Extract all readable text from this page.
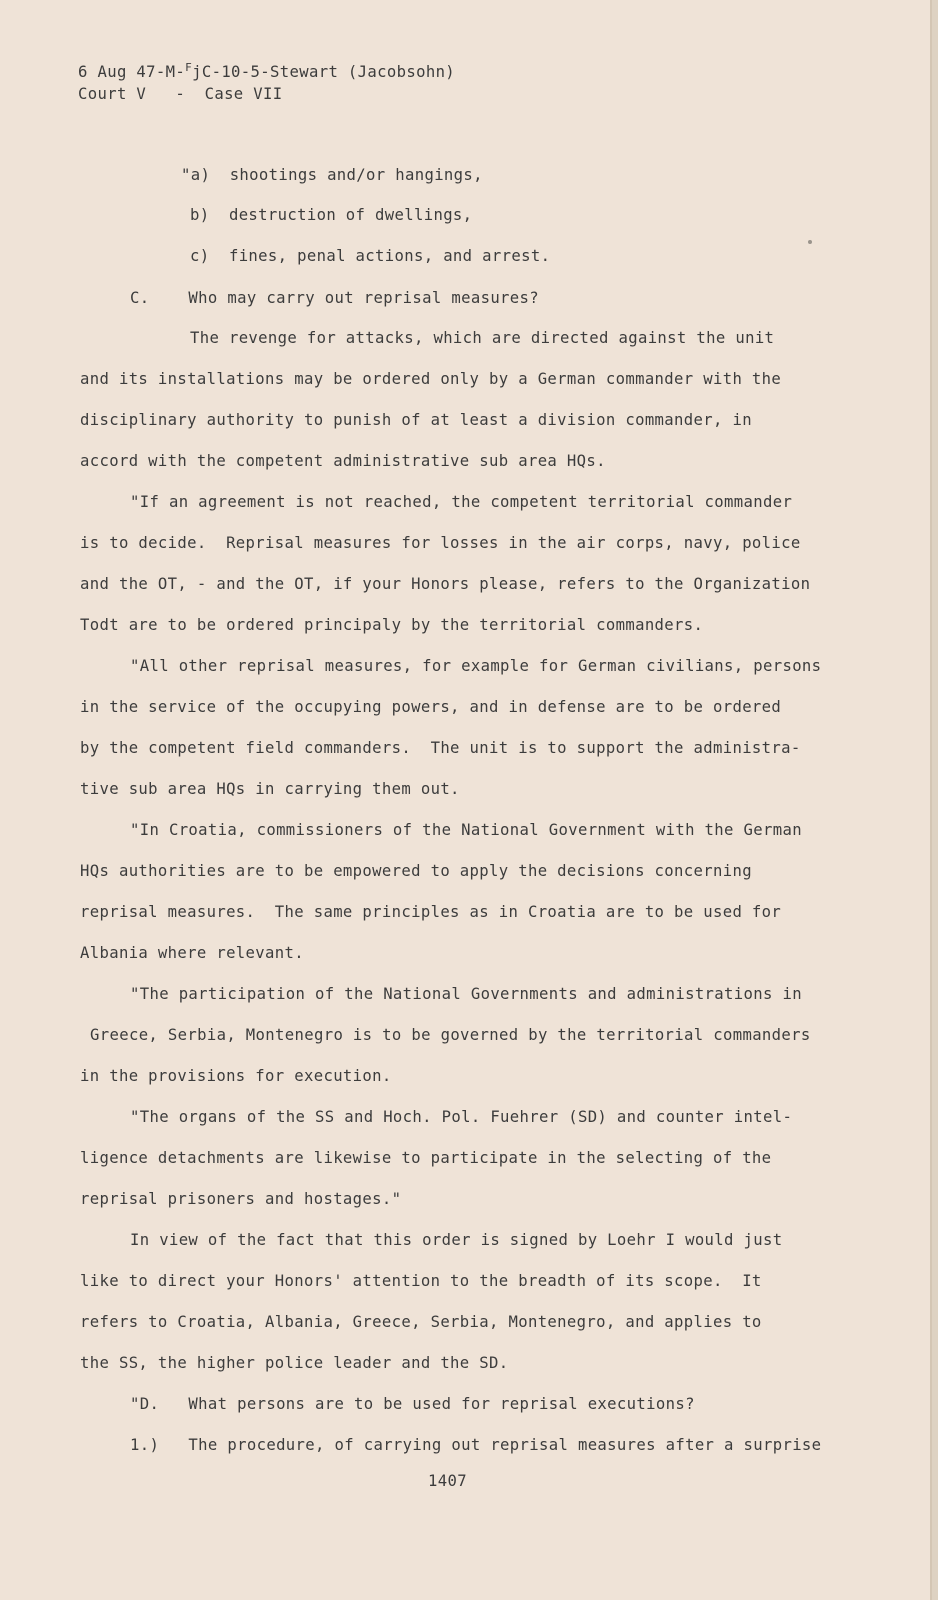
6 Aug 47-M-$^F$jC-10-5-Stewart (Jacobsohn)
Court V   -  Case VII
"a)  shootings and/or hangings,
b)  destruction of dwellings,
c)  fines, penal actions, and arrest.
C.    Who may carry out reprisal measures?
The revenge for attacks, which are directed against the unit
and its installations may be ordered only by a German commander with the
disciplinary authority to punish of at least a division commander, in
accord with the competent administrative sub area HQs.
"If an agreement is not reached, the competent territorial commander
is to decide.  Reprisal measures for losses in the air corps, navy, police
and the OT, - and the OT, if your Honors please, refers to the Organization
Todt are to be ordered principaly by the territorial commanders.
"All other reprisal measures, for example for German civilians, persons
in the service of the occupying powers, and in defense are to be ordered
by the competent field commanders.  The unit is to support the administra-
tive sub area HQs in carrying them out.
"In Croatia, commissioners of the National Government with the German
HQs authorities are to be empowered to apply the decisions concerning
reprisal measures.  The same principles as in Croatia are to be used for
Albania where relevant.
"The participation of the National Governments and administrations in
Greece, Serbia, Montenegro is to be governed by the territorial commanders
in the provisions for execution.
"The organs of the SS and Hoch. Pol. Fuehrer (SD) and counter intel-
ligence detachments are likewise to participate in the selecting of the
reprisal prisoners and hostages."
In view of the fact that this order is signed by Loehr I would just
like to direct your Honors' attention to the breadth of its scope.  It
refers to Croatia, Albania, Greece, Serbia, Montenegro, and applies to
the SS, the higher police leader and the SD.
"D.   What persons are to be used for reprisal executions?
1.)   The procedure, of carrying out reprisal measures after a surprise
1407
